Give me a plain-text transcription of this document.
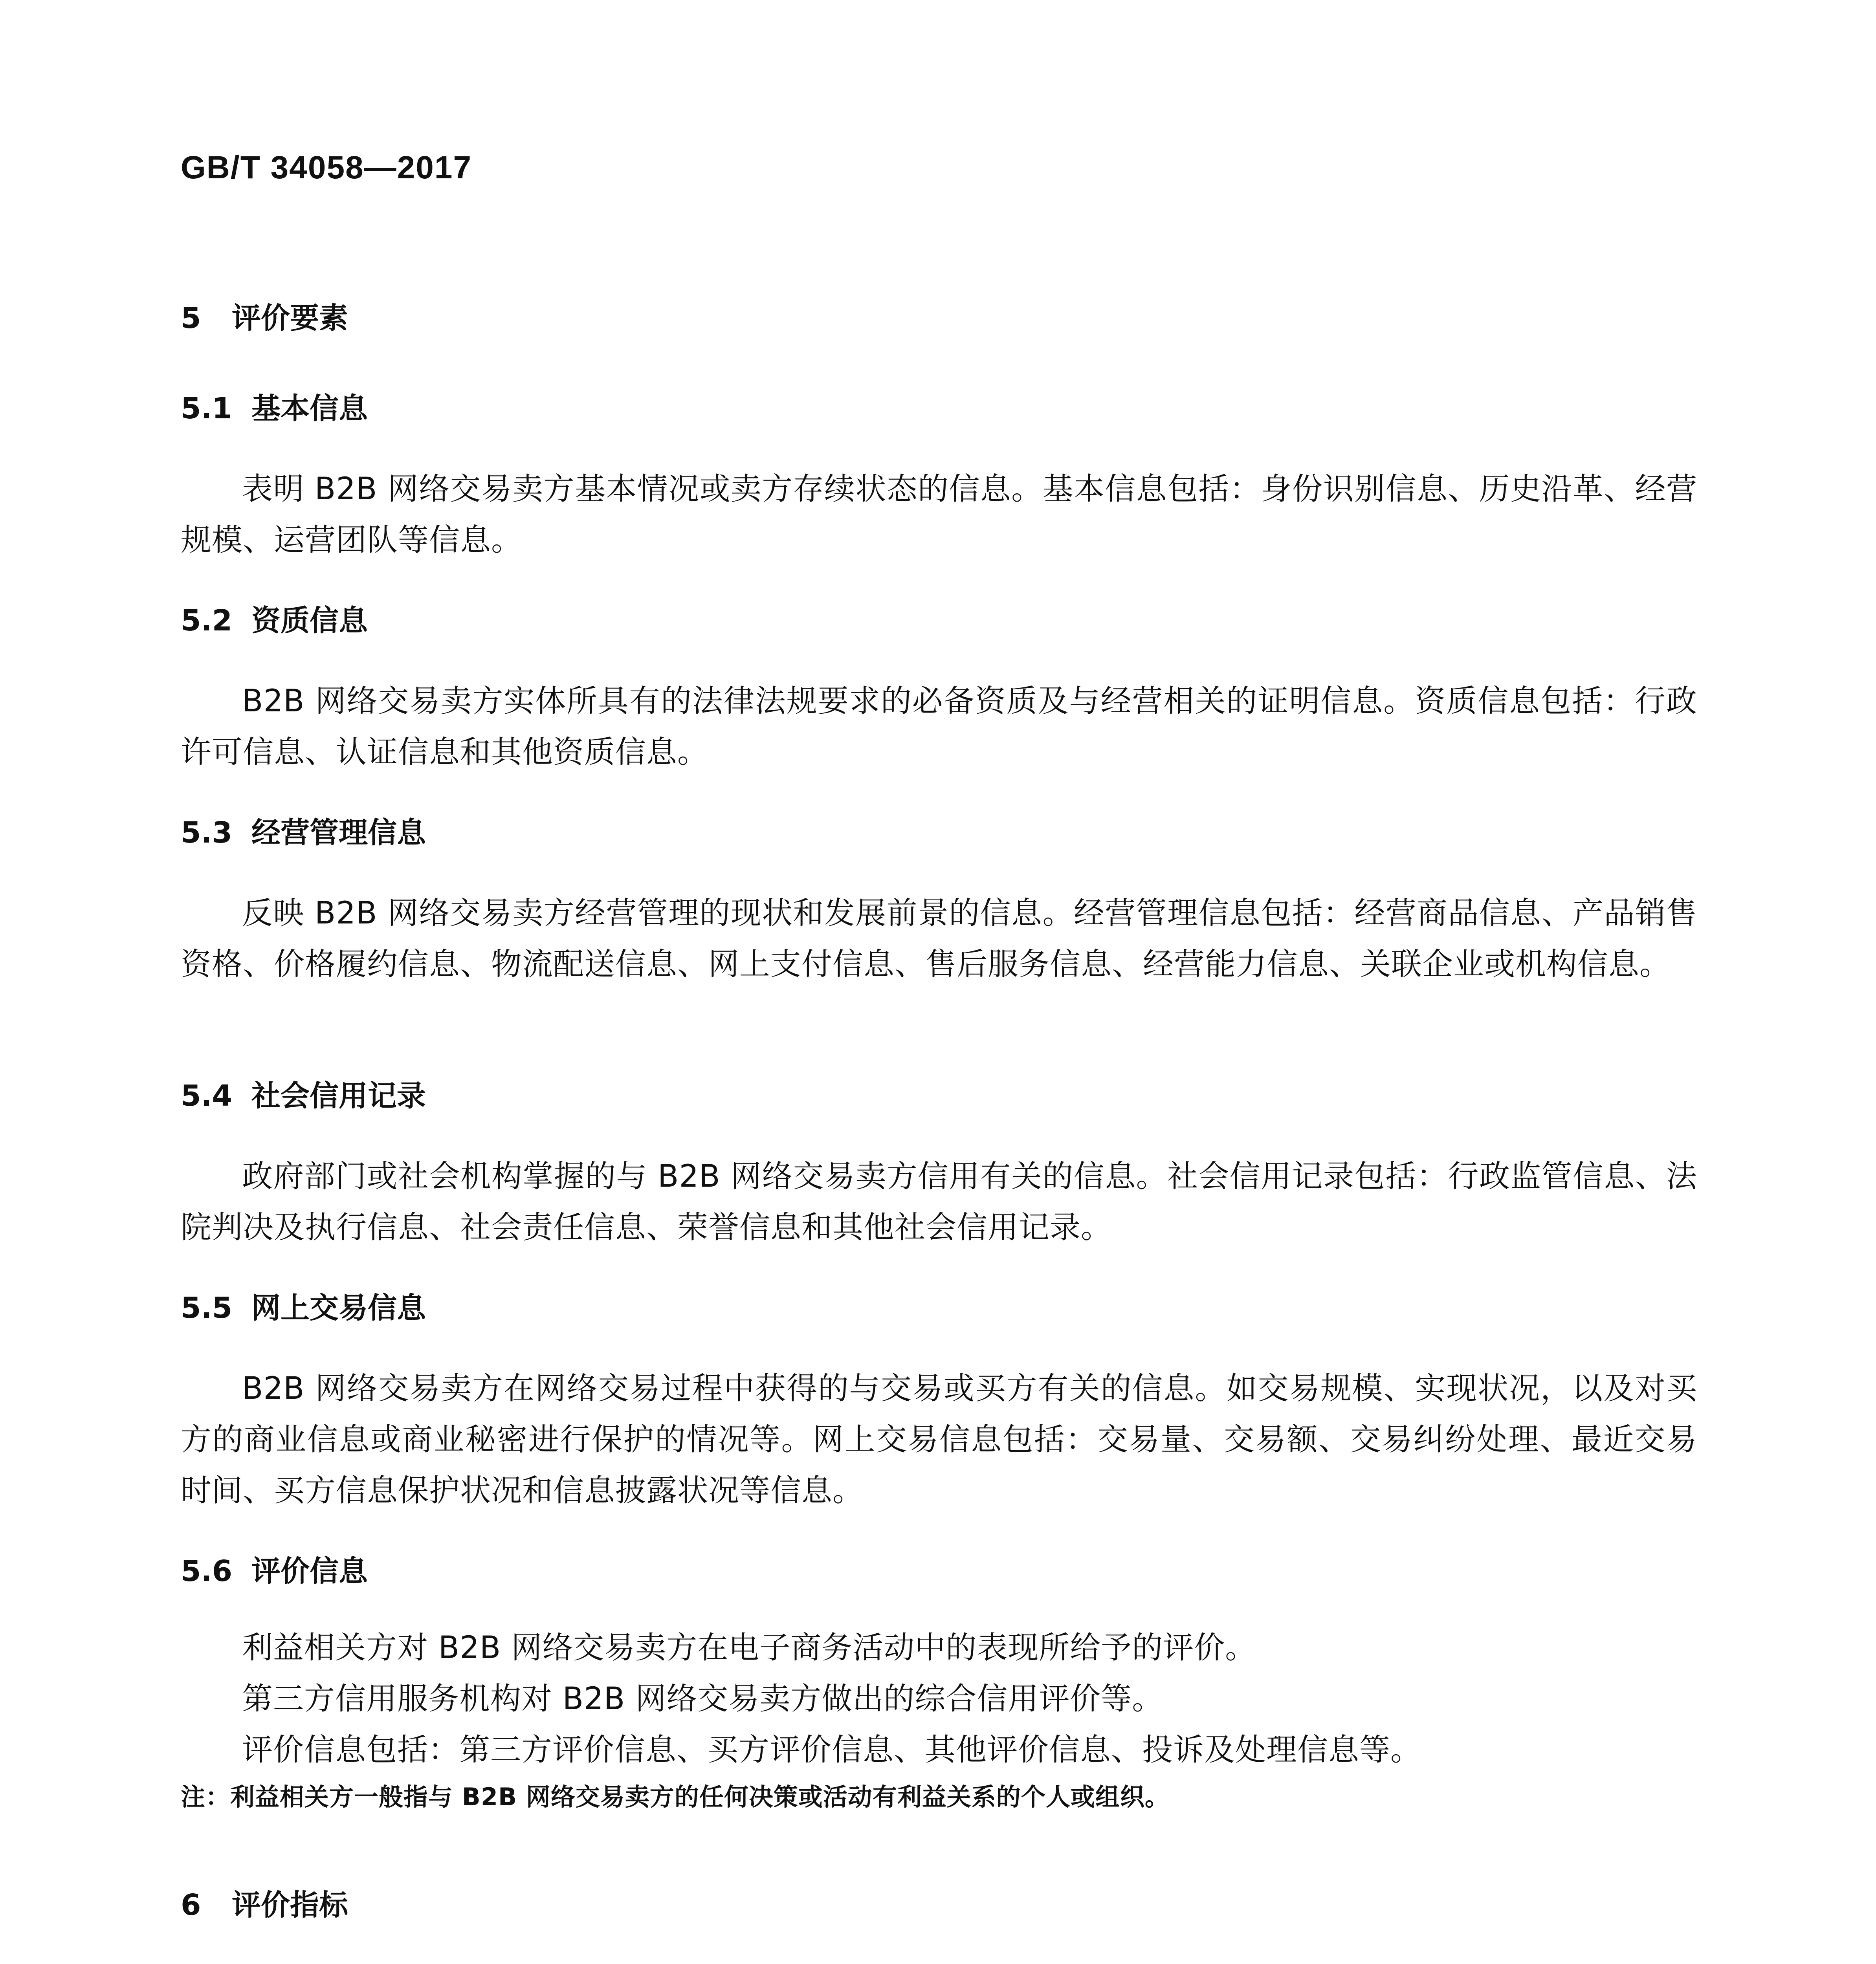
GB/T 34058—2017
5 评价要素
5.1 基本信息
表明 B2B 网络交易卖方基本情况或卖方存续状态的信息。基本信息包括：身份识别信息、历史沿革、经营规模、运营团队等信息。
5.2 资质信息
B2B 网络交易卖方实体所具有的法律法规要求的必备资质及与经营相关的证明信息。资质信息包括：行政许可信息、认证信息和其他资质信息。
5.3 经营管理信息
反映 B2B 网络交易卖方经营管理的现状和发展前景的信息。经营管理信息包括：经营商品信息、产品销售资格、价格履约信息、物流配送信息、网上支付信息、售后服务信息、经营能力信息、关联企业或机构信息。
5.4 社会信用记录
政府部门或社会机构掌握的与 B2B 网络交易卖方信用有关的信息。社会信用记录包括：行政监管信息、法院判决及执行信息、社会责任信息、荣誉信息和其他社会信用记录。
5.5 网上交易信息
B2B 网络交易卖方在网络交易过程中获得的与交易或买方有关的信息。如交易规模、实现状况，以及对买方的商业信息或商业秘密进行保护的情况等。网上交易信息包括：交易量、交易额、交易纠纷处理、最近交易时间、买方信息保护状况和信息披露状况等信息。
5.6 评价信息
利益相关方对 B2B 网络交易卖方在电子商务活动中的表现所给予的评价。
第三方信用服务机构对 B2B 网络交易卖方做出的综合信用评价等。
评价信息包括：第三方评价信息、买方评价信息、其他评价信息、投诉及处理信息等。
注：利益相关方一般指与 B2B 网络交易卖方的任何决策或活动有利益关系的个人或组织。
6 评价指标
